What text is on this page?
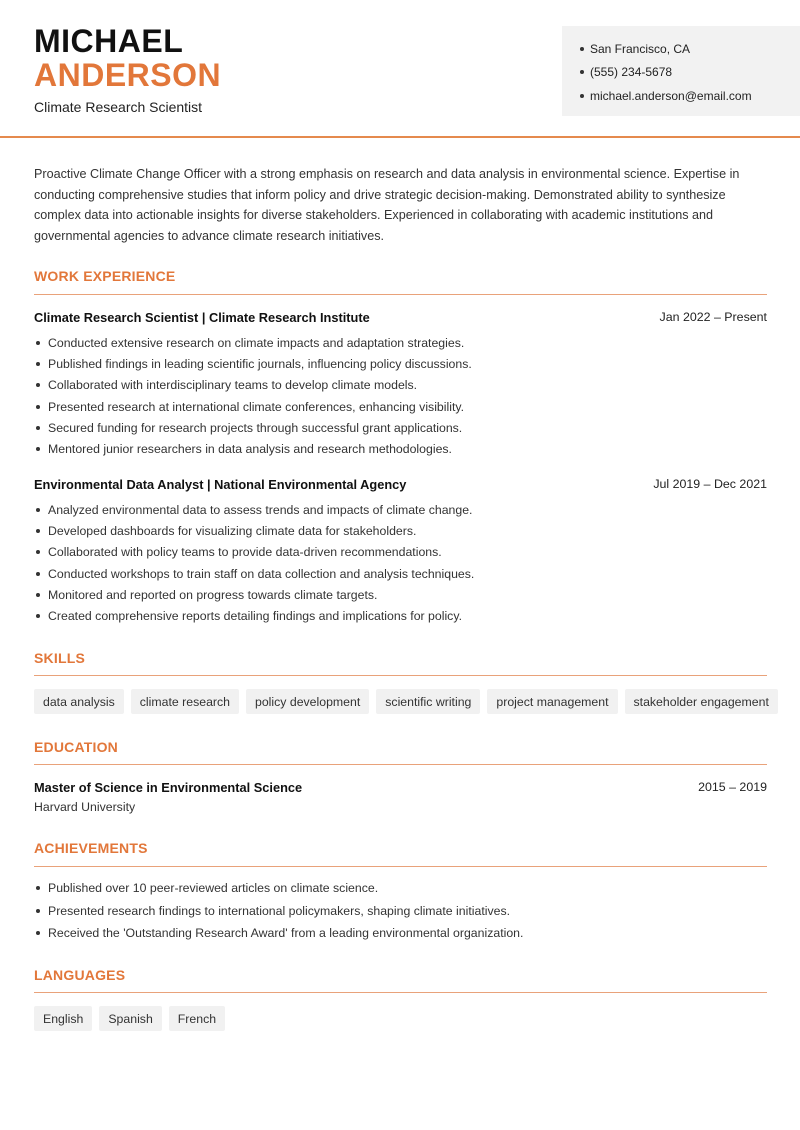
MICHAEL
ANDERSON
Climate Research Scientist
San Francisco, CA
(555) 234-5678
michael.anderson@email.com
Proactive Climate Change Officer with a strong emphasis on research and data analysis in environmental science. Expertise in conducting comprehensive studies that inform policy and drive strategic decision-making. Demonstrated ability to synthesize complex data into actionable insights for diverse stakeholders. Experienced in collaborating with academic institutions and governmental agencies to advance climate research initiatives.
WORK EXPERIENCE
Climate Research Scientist | Climate Research Institute	Jan 2022 – Present
Conducted extensive research on climate impacts and adaptation strategies.
Published findings in leading scientific journals, influencing policy discussions.
Collaborated with interdisciplinary teams to develop climate models.
Presented research at international climate conferences, enhancing visibility.
Secured funding for research projects through successful grant applications.
Mentored junior researchers in data analysis and research methodologies.
Environmental Data Analyst | National Environmental Agency	Jul 2019 – Dec 2021
Analyzed environmental data to assess trends and impacts of climate change.
Developed dashboards for visualizing climate data for stakeholders.
Collaborated with policy teams to provide data-driven recommendations.
Conducted workshops to train staff on data collection and analysis techniques.
Monitored and reported on progress towards climate targets.
Created comprehensive reports detailing findings and implications for policy.
SKILLS
data analysis	climate research	policy development	scientific writing	project management	stakeholder engagement
EDUCATION
Master of Science in Environmental Science	2015 – 2019
Harvard University
ACHIEVEMENTS
Published over 10 peer-reviewed articles on climate science.
Presented research findings to international policymakers, shaping climate initiatives.
Received the 'Outstanding Research Award' from a leading environmental organization.
LANGUAGES
English	Spanish	French
